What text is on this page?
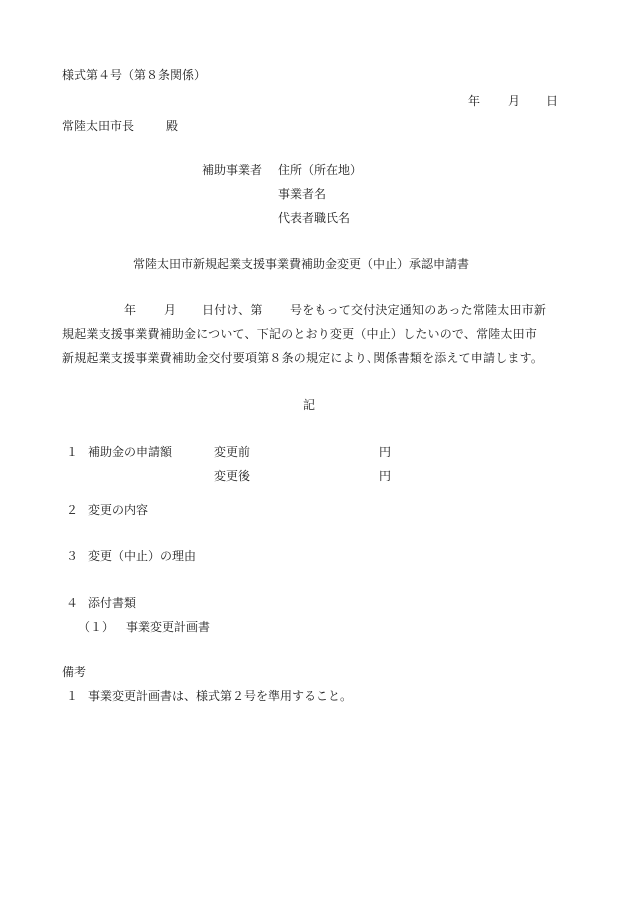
様式第４号（第８条関係）
年 月 日
常陸太田市長	殿
補助事業者 住所（所在地）
事業者名
代表者職氏名
常陸太田市新規起業支援事業費補助金変更（中止）承認申請書
年 月 日付け、第 号をもって交付決定通知のあった常陸太田市新
規起業支援事業費補助金について、下記のとおり変更（中止）したいので、常陸太田市
新規起業支援事業費補助金交付要項第８条の規定により､関係書類を添えて申請します。
記
１ 補助金の申請額	変更前	円
変更後	円
２ 変更の内容
３ 変更（中止）の理由
４ 添付書類
（１） 事業変更計画書
備考
１ 事業変更計画書は、様式第２号を準用すること。
